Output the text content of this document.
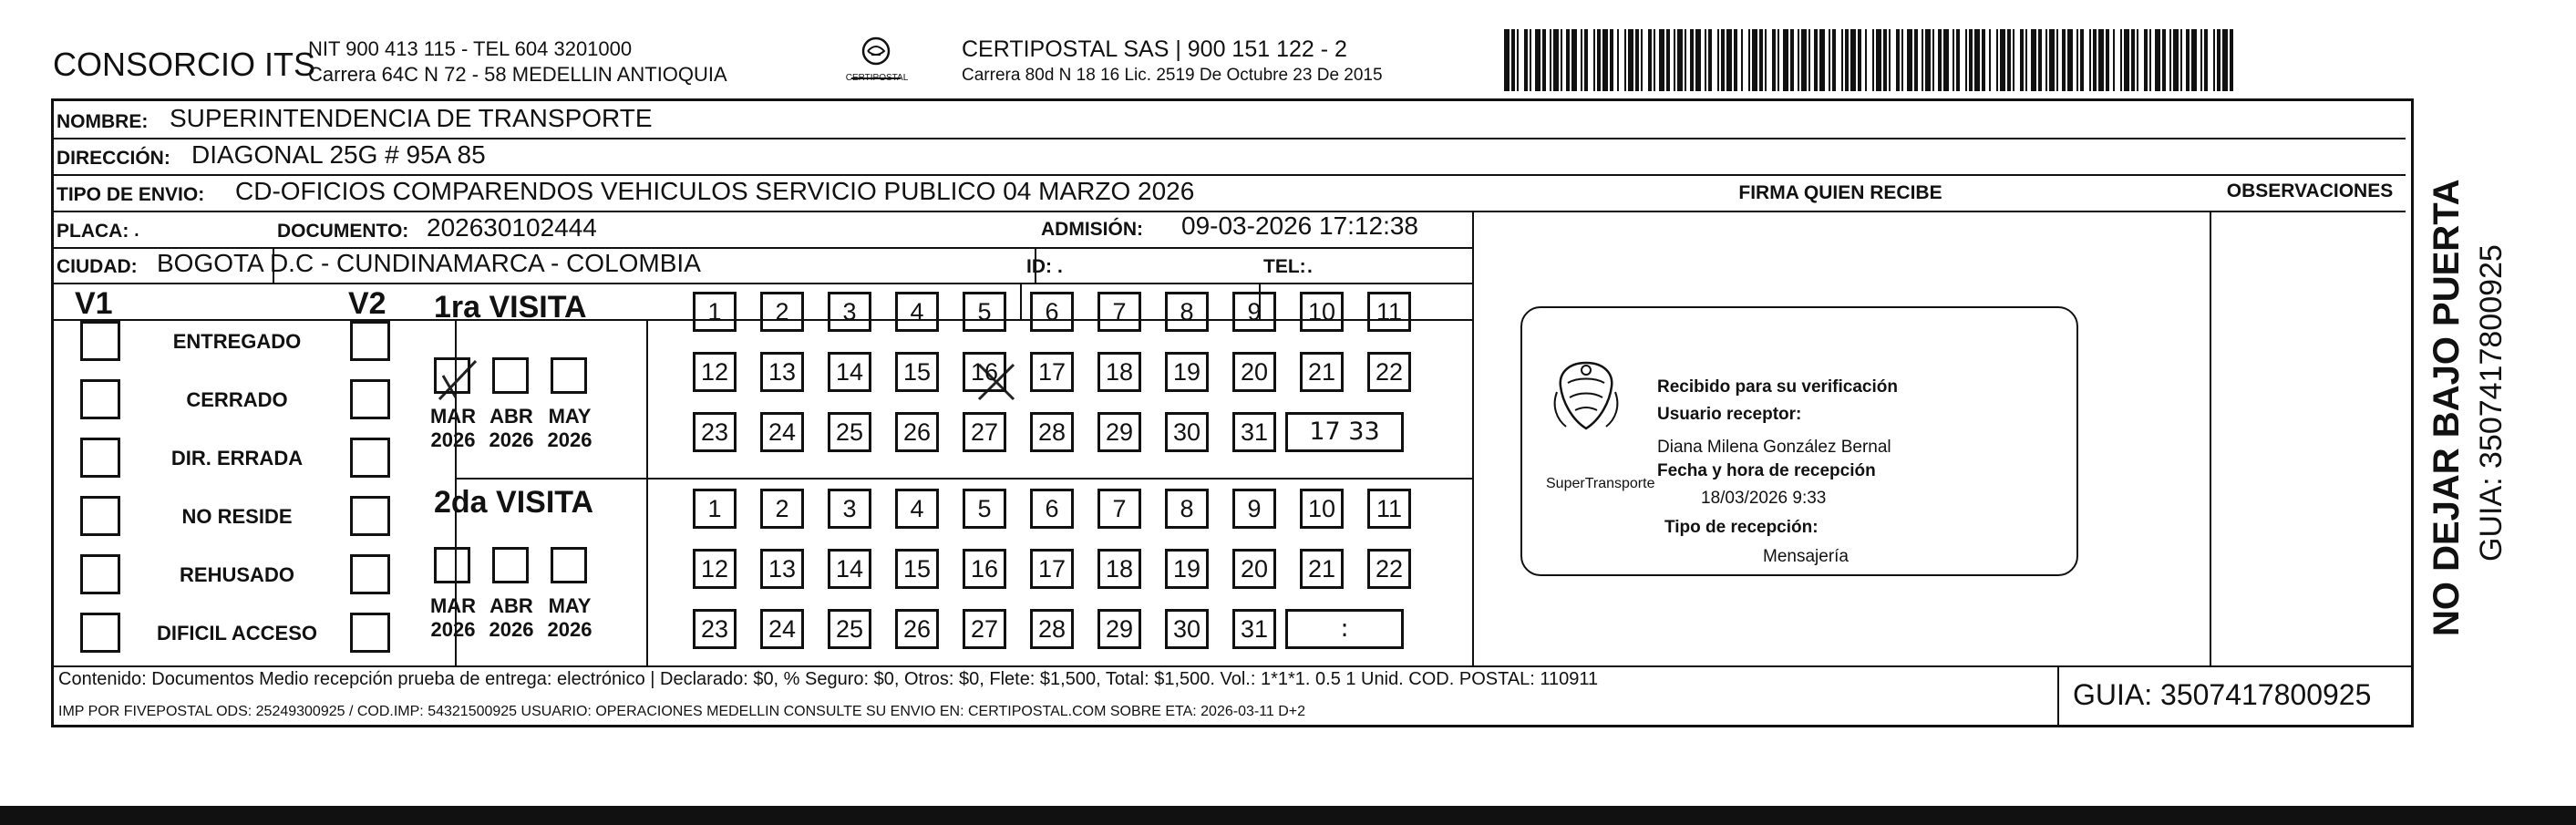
CONSORCIO ITS
NIT 900 413 115 - TEL 604 3201000
Carrera 64C N 72 - 58 MEDELLIN ANTIOQUIA	CERTIPOSTAL
CERTIPOSTAL SAS | 900 151 122 - 2
Carrera 80d N 18 16 Lic. 2519 De Octubre 23 De 2015
NOMBRE: SUPERINTENDENCIA DE TRANSPORTE
DIRECCIÓN: DIAGONAL 25G # 95A 85
TIPO DE ENVIO: CD-OFICIOS COMPARENDOS VEHICULOS SERVICIO PUBLICO 04 MARZO 2026	FIRMA QUIEN RECIBE	OBSERVACIONES
PLACA: .	DOCUMENTO: 202630102444	ADMISIÓN: 09-03-2026 17:12:38
CIUDAD: BOGOTA D.C - CUNDINAMARCA - COLOMBIA	ID: .	TEL: .
V1	V2 1ra VISITA
2da VISITA
SuperTransporte
Recibido para su verificación
Usuario receptor:
Diana Milena González Bernal
Fecha y hora de recepción
18/03/2026 9:33
Tipo de recepción:
Mensajería	NO DEJAR BAJO PUERTA GUIA: 3507417800925
Contenido: Documentos Medio recepción prueba de entrega: electrónico | Declarado: $0, % Seguro: $0, Otros: $0, Flete: $1,500, Total: $1,500. Vol.: 1*1*1. 0.5 1 Unid. COD. POSTAL: 110911
IMP POR FIVEPOSTAL ODS: 25249300925 / COD.IMP: 54321500925 USUARIO: OPERACIONES MEDELLIN CONSULTE SU ENVIO EN: CERTIPOSTAL.COM SOBRE ETA: 2026-03-11 D+2
GUIA: 3507417800925
ENTREGADO
CERRADO
DIR. ERRADA
NO RESIDE
REHUSADO
DIFICIL ACCESO
MAR
2026
ABR
2026
MAY
2026
MAR
2026
ABR
2026
MAY
2026
1	2	3	4	5	6	7	8	9	10	11
12	13	14	15	16	17	18	19	20	21	22
23	24	25	26	27	28	29	30	31	17 33
1	2	3	4	5	6	7	8	9	10	11
12	13	14	15	16	17	18	19	20	21	22
23	24	25	26	27	28	29	30	31	:
